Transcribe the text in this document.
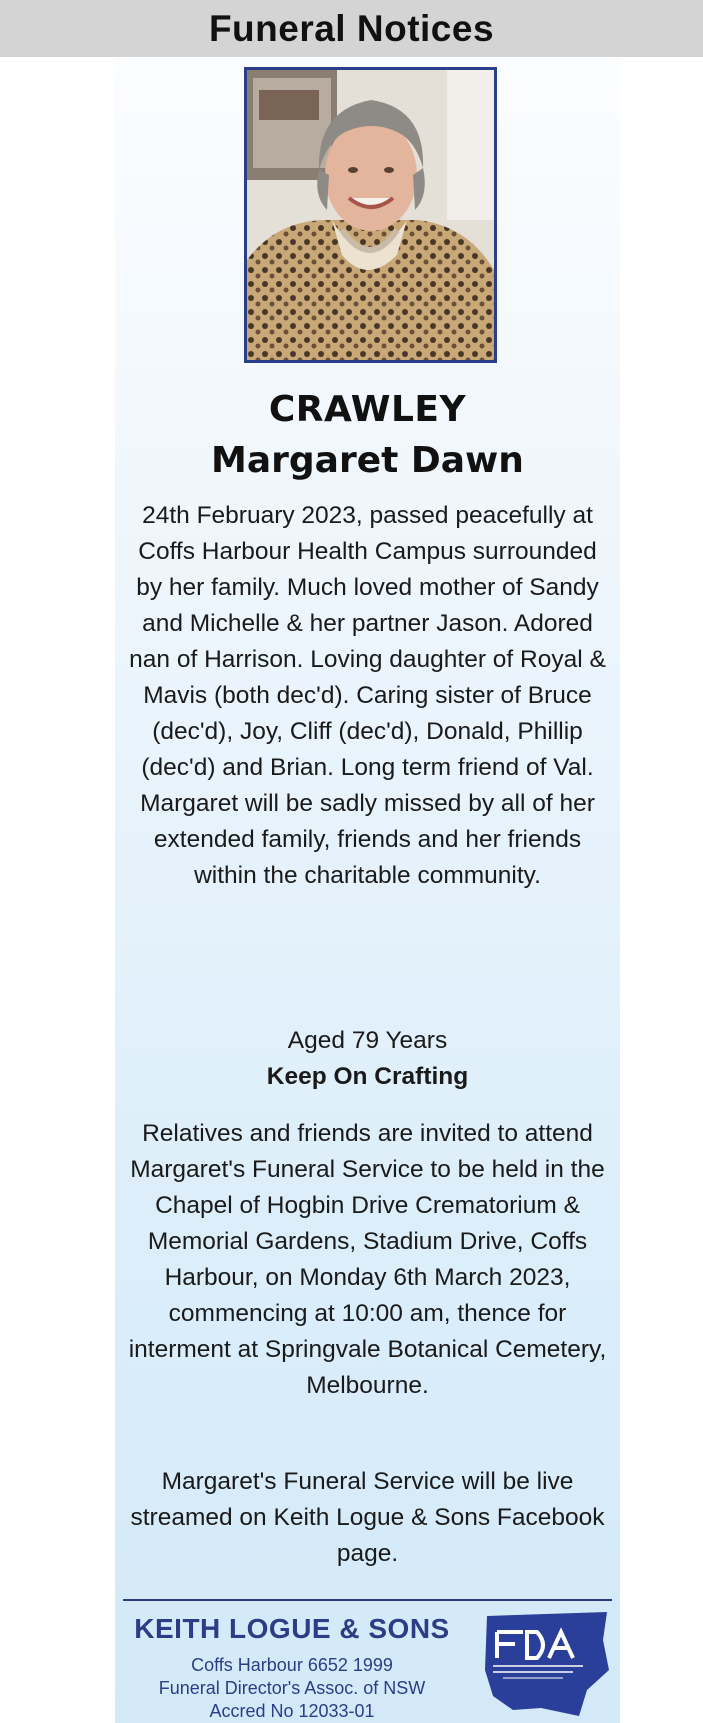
Funeral Notices
CRAWLEY
Margaret Dawn

24th February 2023, passed peacefully at Coffs Harbour Health Campus surrounded by her family. Much loved mother of Sandy and Michelle & her partner Jason. Adored nan of Harrison. Loving daughter of Royal & Mavis (both dec'd). Caring sister of Bruce (dec'd), Joy, Cliff (dec'd), Donald, Phillip (dec'd) and Brian. Long term friend of Val. Margaret will be sadly missed by all of her extended family, friends and her friends within the charitable community.

Aged 79 Years
Keep On Crafting

Relatives and friends are invited to attend Margaret's Funeral Service to be held in the Chapel of Hogbin Drive Crematorium & Memorial Gardens, Stadium Drive, Coffs Harbour, on Monday 6th March 2023, commencing at 10:00 am, thence for interment at Springvale Botanical Cemetery, Melbourne.

Margaret's Funeral Service will be live streamed on Keith Logue & Sons Facebook page.

KEITH LOGUE & SONS
Coffs Harbour 6652 1999
Funeral Director's Assoc. of NSW
Accred No 12033-01
